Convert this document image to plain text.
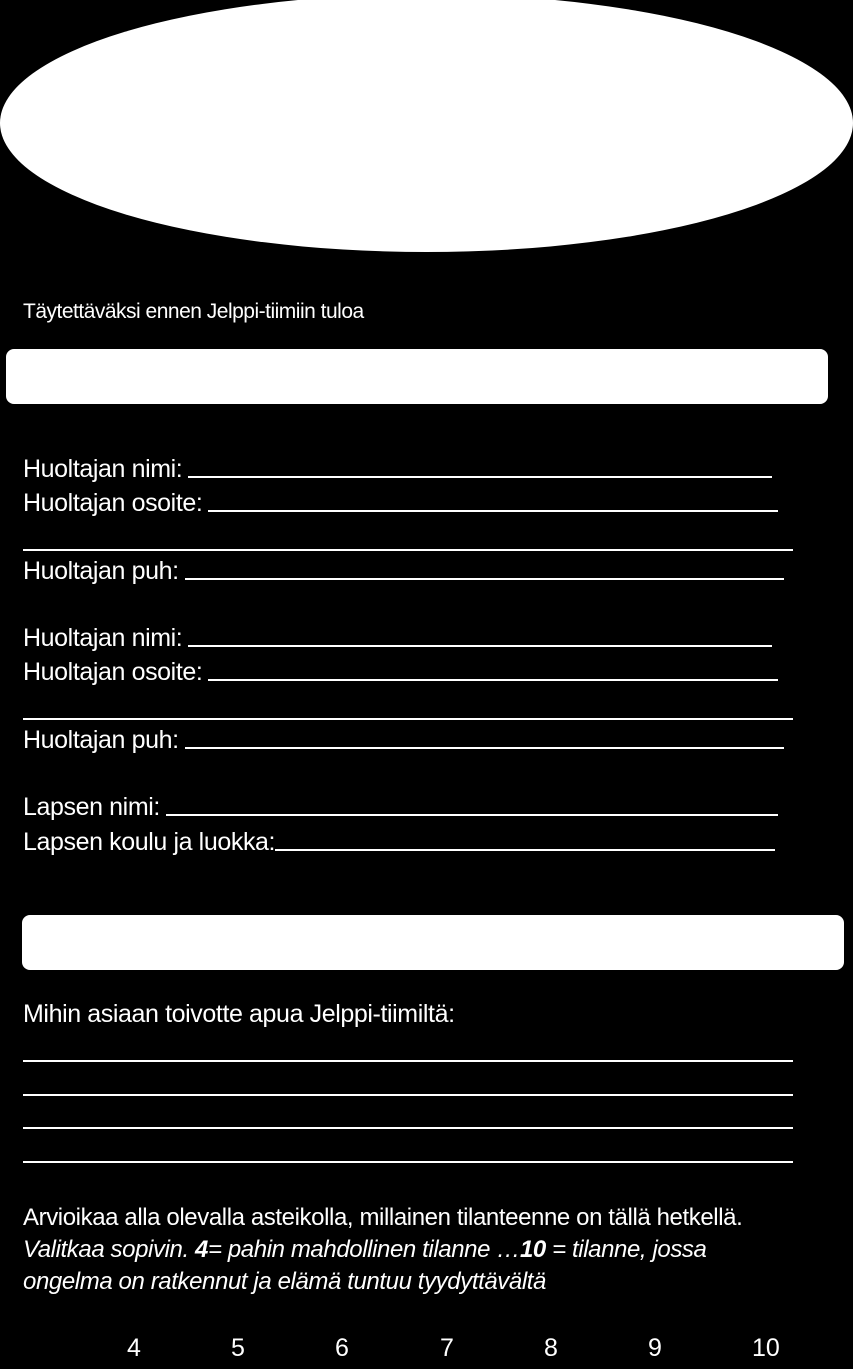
Täytettäväksi ennen Jelppi-tiimiin tuloa
Huoltajan nimi:
Huoltajan osoite:
Huoltajan puh:
Huoltajan nimi:
Huoltajan osoite:
Huoltajan puh:
Lapsen nimi:
Lapsen koulu ja luokka:
Mihin asiaan toivotte apua Jelppi-tiimiltä:
Arvioikaa alla olevalla asteikolla, millainen tilanteenne on tällä hetkellä. Valitkaa sopivin. 4= pahin mahdollinen tilanne …10 = tilanne, jossa ongelma on ratkennut ja elämä tuntuu tyydyttävältä
4	5	6	7	8	9	10
